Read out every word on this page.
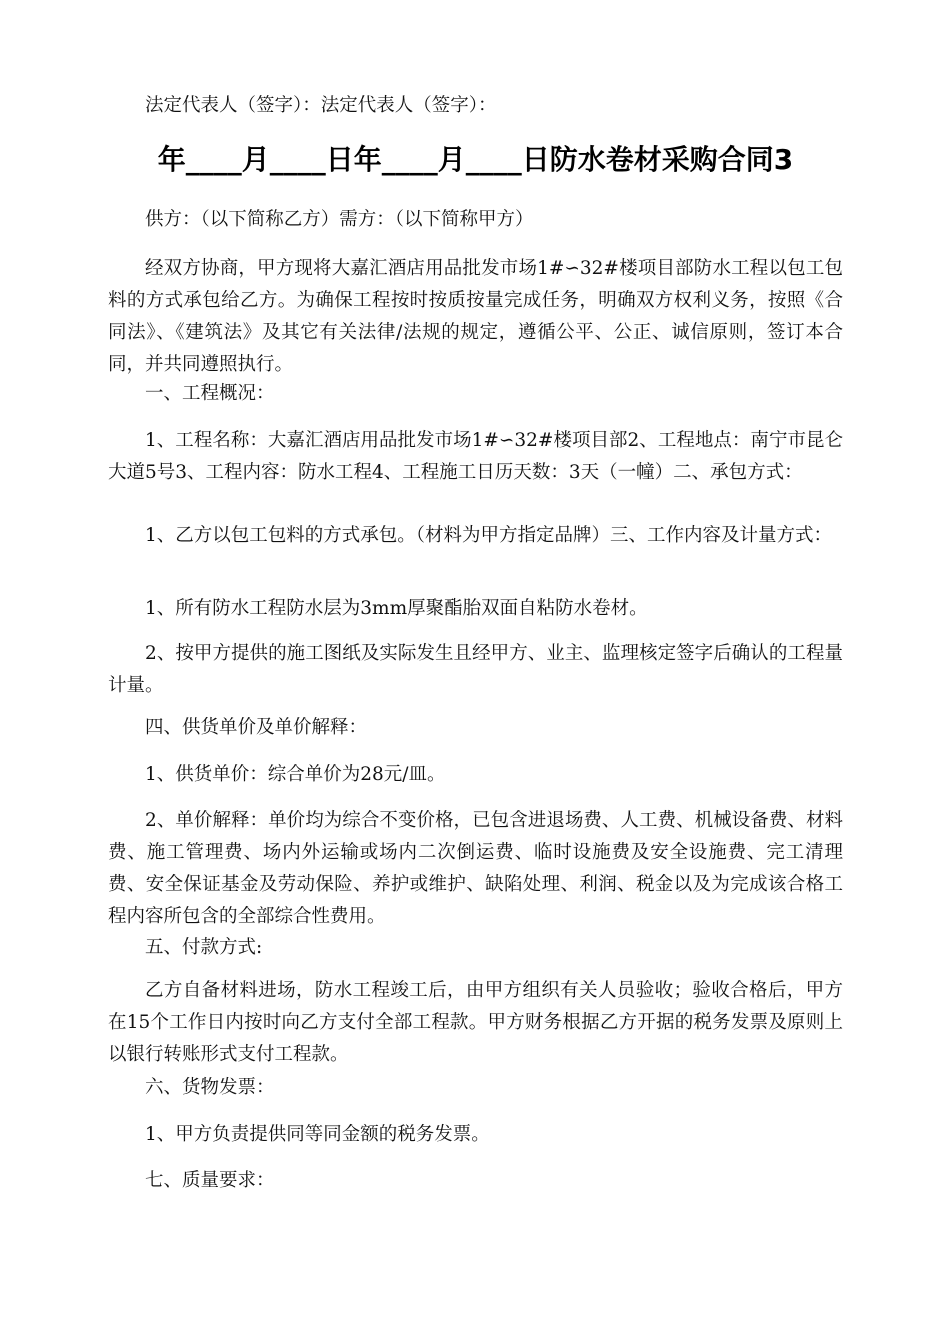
法定代表人（签字）：法定代表人（签字）：

年____月____日年____月____日防水卷材采购合同3

供方：（以下简称乙方）需方：（以下简称甲方）

经双方协商，甲方现将大嘉汇酒店用品批发市场1#∽32#楼项目部防水工程以包工包料的方式承包给乙方。为确保工程按时按质按量完成任务，明确双方权利义务，按照《合同法》、《建筑法》及其它有关法律/法规的规定，遵循公平、公正、诚信原则，签订本合同，并共同遵照执行。

一、工程概况：

1、工程名称：大嘉汇酒店用品批发市场1#∽32#楼项目部2、工程地点：南宁市昆仑大道5号3、工程内容：防水工程4、工程施工日历天数：3天（一幢）二、承包方式：

1、乙方以包工包料的方式承包。（材料为甲方指定品牌）三、工作内容及计量方式：

1、所有防水工程防水层为3mm厚聚酯胎双面自粘防水卷材。

2、按甲方提供的施工图纸及实际发生且经甲方、业主、监理核定签字后确认的工程量计量。

四、供货单价及单价解释：

1、供货单价：综合单价为28元/皿。

2、单价解释：单价均为综合不变价格，已包含进退场费、人工费、机械设备费、材料费、施工管理费、场内外运输或场内二次倒运费、临时设施费及安全设施费、完工清理费、安全保证基金及劳动保险、养护或维护、缺陷处理、利润、税金以及为完成该合格工程内容所包含的全部综合性费用。

五、付款方式:

乙方自备材料进场，防水工程竣工后，由甲方组织有关人员验收；验收合格后，甲方在15个工作日内按时向乙方支付全部工程款。甲方财务根据乙方开据的税务发票及原则上以银行转账形式支付工程款。

六、货物发票：

1、甲方负责提供同等同金额的税务发票。

七、质量要求：
